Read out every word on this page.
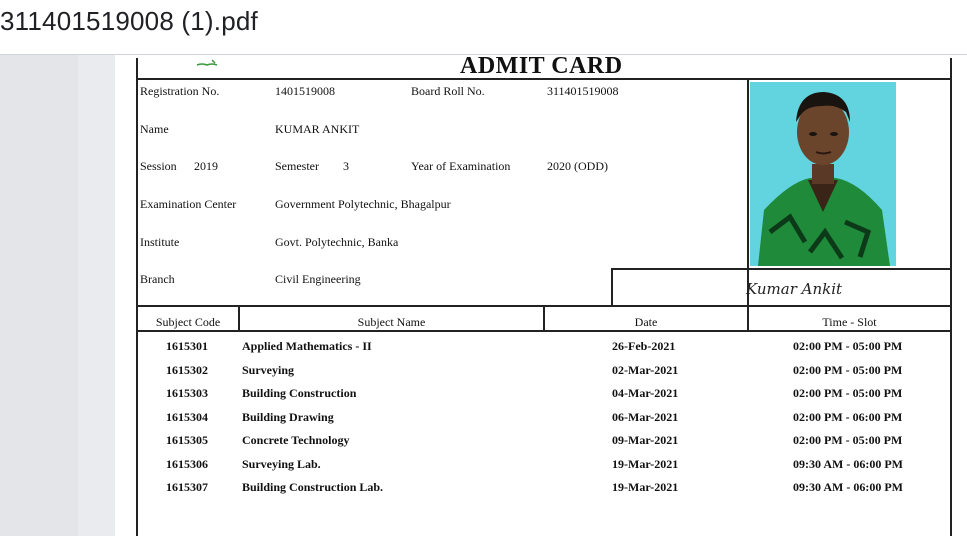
311401519008 (1).pdf
ADMIT CARD
Registration No.	1401519008	Board Roll No.	311401519008
Name	KUMAR ANKIT
Session 2019	Semester 3	Year of Examination	2020 (ODD)
Examination Center	Government Polytechnic, Bhagalpur
Institute	Govt. Polytechnic, Banka
Branch	Civil Engineering
Kumar Ankit
Subject Code	Subject Name	Date	Time - Slot
1615301	Applied Mathematics - II	26-Feb-2021	02:00 PM - 05:00 PM
1615302	Surveying	02-Mar-2021	02:00 PM - 05:00 PM
1615303	Building Construction	04-Mar-2021	02:00 PM - 05:00 PM
1615304	Building Drawing	06-Mar-2021	02:00 PM - 06:00 PM
1615305	Concrete Technology	09-Mar-2021	02:00 PM - 05:00 PM
1615306	Surveying Lab.	19-Mar-2021	09:30 AM - 06:00 PM
1615307	Building Construction Lab.	19-Mar-2021	09:30 AM - 06:00 PM
